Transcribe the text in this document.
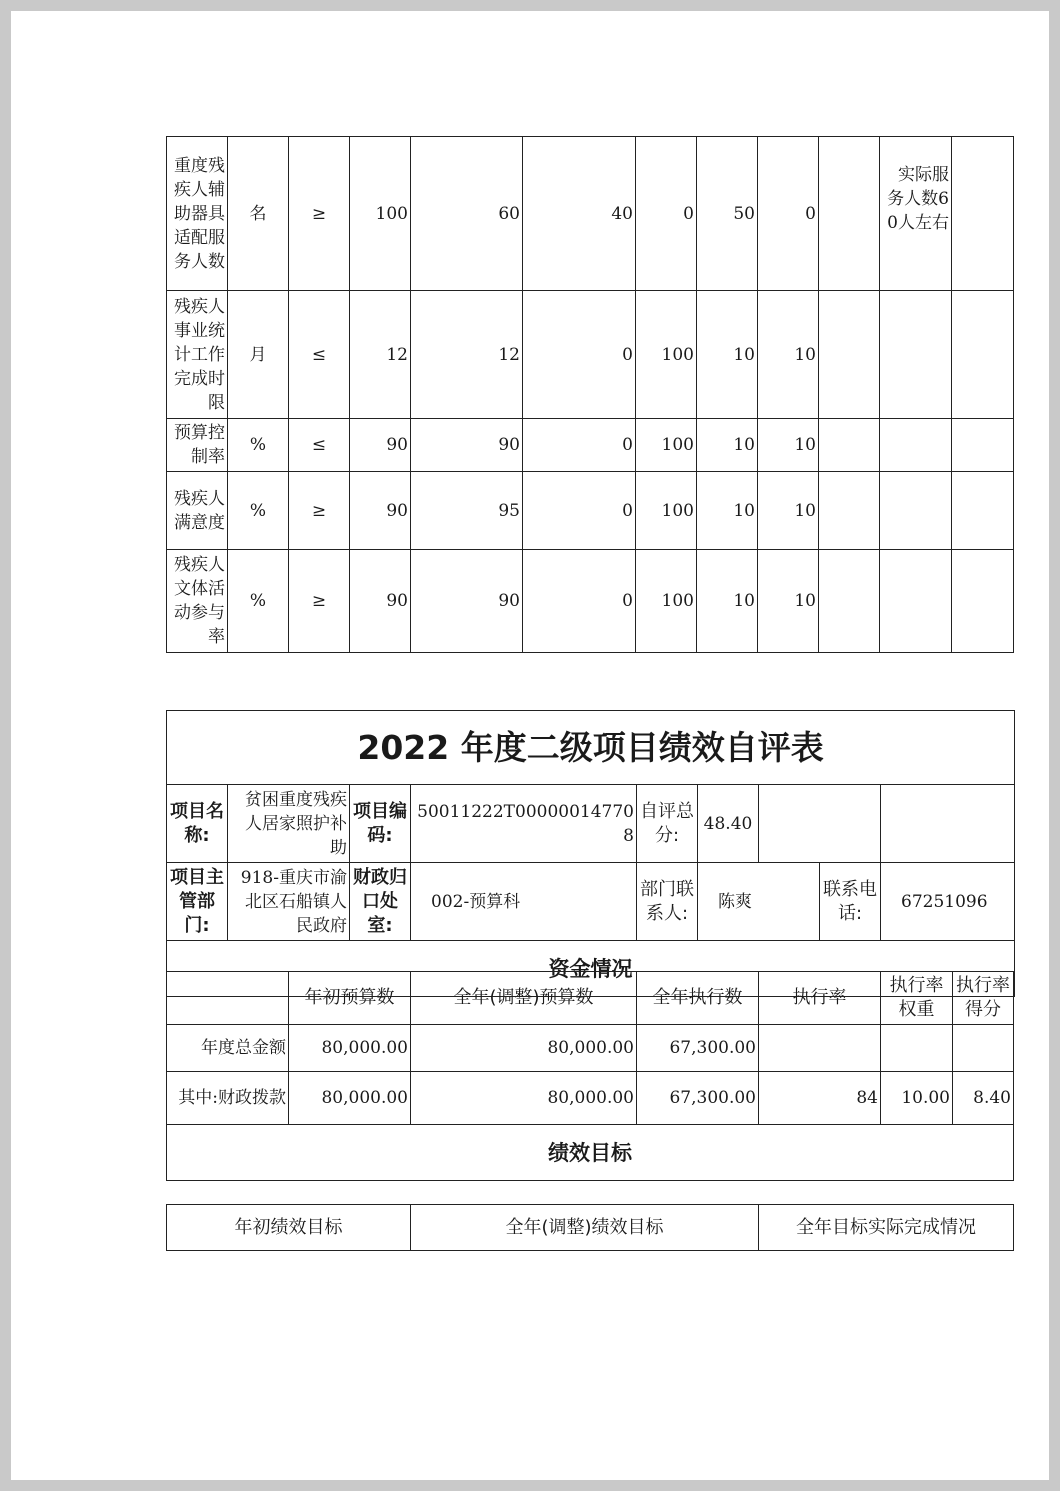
重度残疾人辅助器具适配服务人数	名	≥	100	60	40	0	50	0		实际服务人数60人左右	
残疾人事业统计工作完成时限	月	≤	12	12	0	100	10	10			
预算控制率	%	≤	90	90	0	100	10	10			
残疾人满意度	%	≥	90	95	0	100	10	10			
残疾人文体活动参与率	%	≥	90	90	0	100	10	10			
2022 年度二级项目绩效自评表								
项目名称:	贫困重度残疾人居家照护补助	项目编码:	50011222T000000147708	自评总分:	48.40			
项目主管部门:	918-重庆市渝北区石船镇人民政府	财政归口处室:	002-预算科	部门联系人:	陈爽		联系电话:	67251096
资金情况								
	年初预算数	全年(调整)预算数	全年执行数	执行率	执行率权重	执行率得分
年度总金额	80,000.00	80,000.00	67,300.00			
其中:财政拨款	80,000.00	80,000.00	67,300.00	84	10.00	8.40
绩效目标						
年初绩效目标	全年(调整)绩效目标	全年目标实际完成情况
